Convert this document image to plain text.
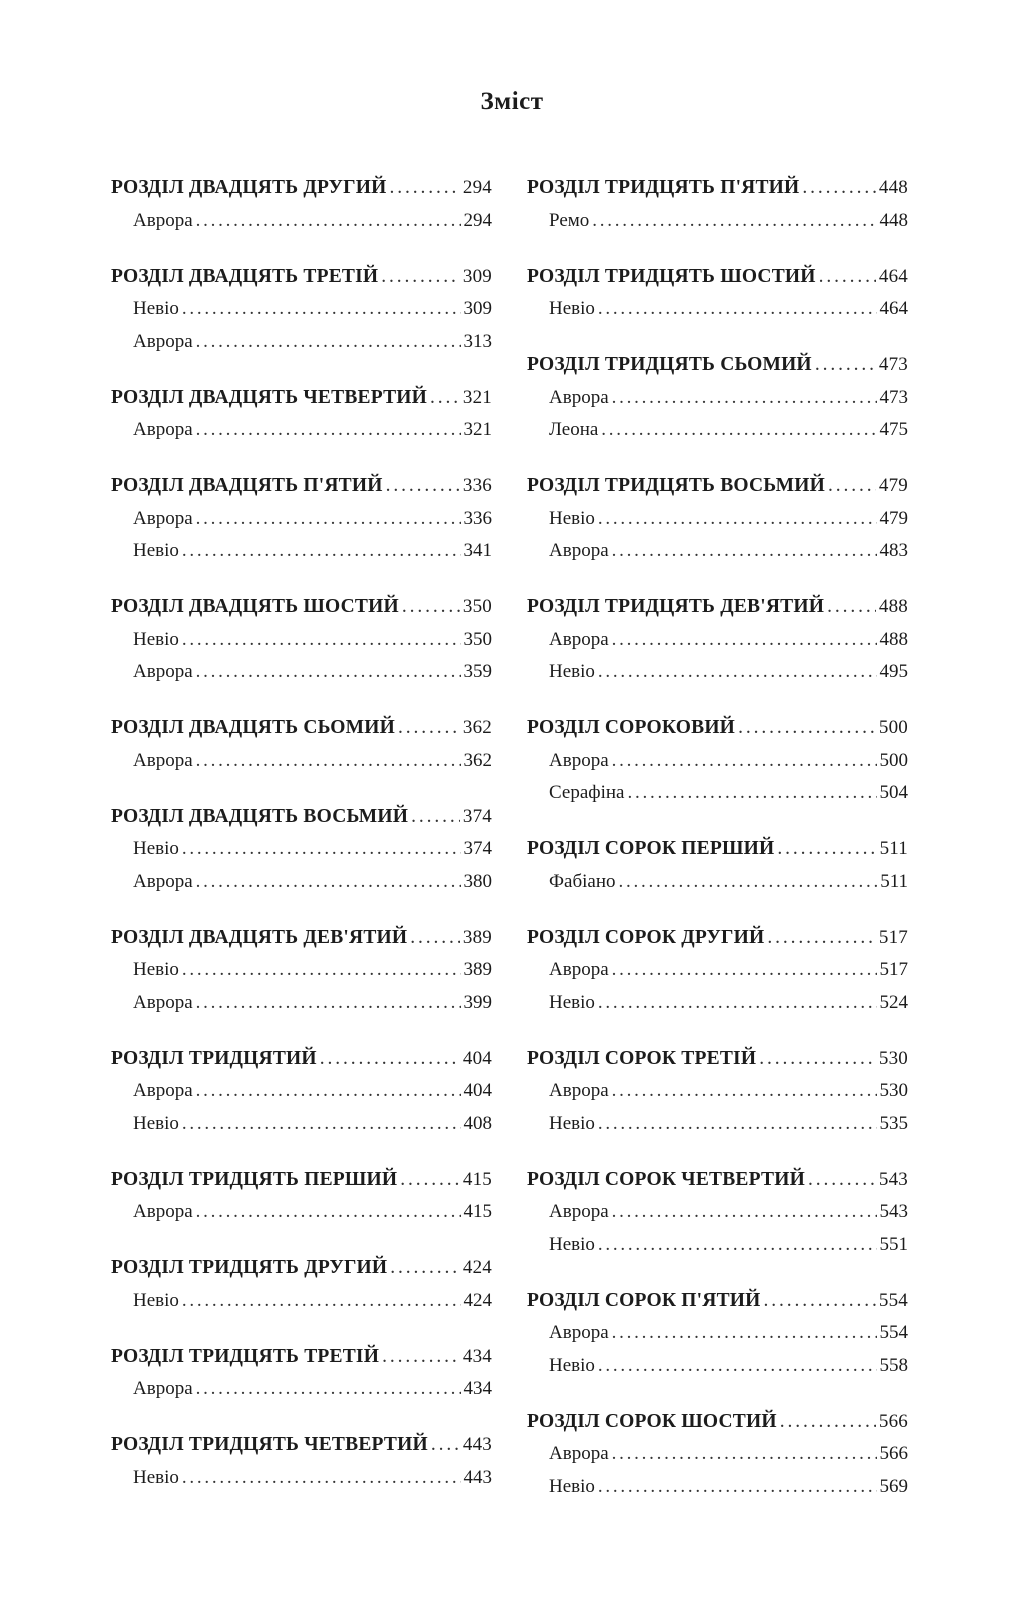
Зміст
РОЗДІЛ ДВАДЦЯТЬ ДРУГИЙ . . .	294
Аврора . . .	294
РОЗДІЛ ДВАДЦЯТЬ ТРЕТІЙ . . .	309
Невіо . . .	309
Аврора . . .	313
РОЗДІЛ ДВАДЦЯТЬ ЧЕТВЕРТИЙ . . . 321
Аврора . . .	321
РОЗДІЛ ДВАДЦЯТЬ П'ЯТИЙ . . .	336
Аврора . . .	336
Невіо . . .	341
РОЗДІЛ ДВАДЦЯТЬ ШОСТИЙ . . .	350
Невіо . . .	350
Аврора . . .	359
РОЗДІЛ ДВАДЦЯТЬ СЬОМИЙ . . .	362
Аврора . . .	362
РОЗДІЛ ДВАДЦЯТЬ ВОСЬМИЙ . . .	374
Невіо . . .	374
Аврора . . .	380
РОЗДІЛ ДВАДЦЯТЬ ДЕВ'ЯТИЙ . . .	389
Невіо . . .	389
Аврора . . .	399
РОЗДІЛ ТРИДЦЯТИЙ . . .	404
Аврора . . .	404
Невіо . . .	408
РОЗДІЛ ТРИДЦЯТЬ ПЕРШИЙ . . .	415
Аврора . . .	415
РОЗДІЛ ТРИДЦЯТЬ ДРУГИЙ . . .	424
Невіо . . .	424
РОЗДІЛ ТРИДЦЯТЬ ТРЕТІЙ . . .	434
Аврора . . .	434
РОЗДІЛ ТРИДЦЯТЬ ЧЕТВЕРТИЙ . . . 443
Невіо . . .	443
РОЗДІЛ ТРИДЦЯТЬ П'ЯТИЙ . . .	448
Ремо . . .	448
РОЗДІЛ ТРИДЦЯТЬ ШОСТИЙ . . .	464
Невіо . . .	464
РОЗДІЛ ТРИДЦЯТЬ СЬОМИЙ . . .	473
Аврора . . .	473
Леона . . .	475
РОЗДІЛ ТРИДЦЯТЬ ВОСЬМИЙ . . .	479
Невіо . . .	479
Аврора . . .	483
РОЗДІЛ ТРИДЦЯТЬ ДЕВ'ЯТИЙ . . .	488
Аврора . . .	488
Невіо . . .	495
РОЗДІЛ СОРОКОВИЙ . . .	500
Аврора . . .	500
Серафіна . . .	504
РОЗДІЛ СОРОК ПЕРШИЙ . . .	511
Фабіано . . .	511
РОЗДІЛ СОРОК ДРУГИЙ . . .	517
Аврора . . .	517
Невіо . . .	524
РОЗДІЛ СОРОК ТРЕТІЙ . . .	530
Аврора . . .	530
Невіо . . .	535
РОЗДІЛ СОРОК ЧЕТВЕРТИЙ . . .	543
Аврора . . .	543
Невіо . . .	551
РОЗДІЛ СОРОК П'ЯТИЙ . . .	554
Аврора . . .	554
Невіо . . .	558
РОЗДІЛ СОРОК ШОСТИЙ . . .	566
Аврора . . .	566
Невіо . . .	569
